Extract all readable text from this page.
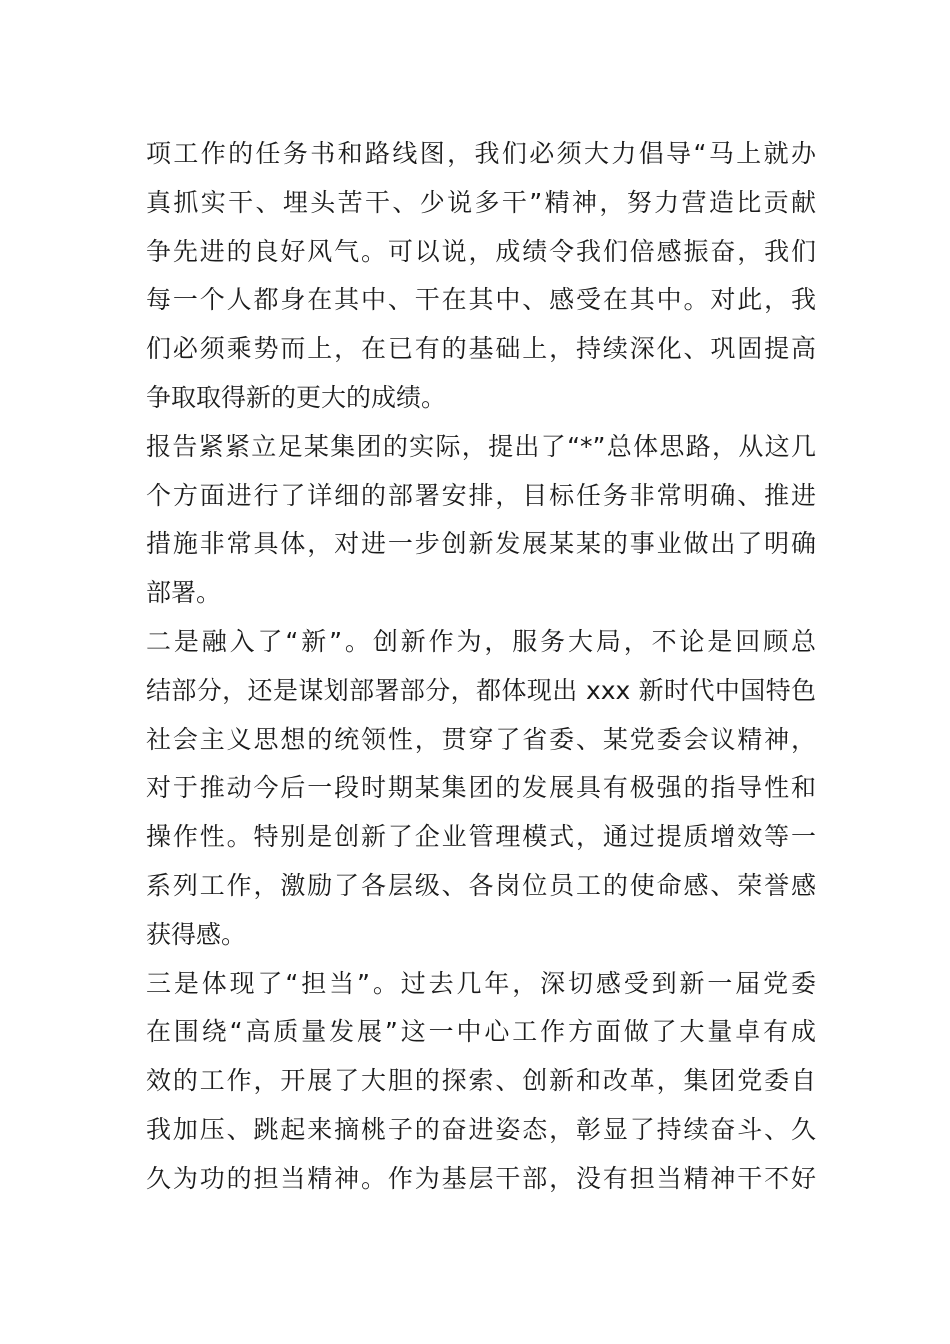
项工作的任务书和路线图，我们必须大力倡导“马上就办
真抓实干、埋头苦干、少说多干”精神，努力营造比贡献
争先进的良好风气。可以说，成绩令我们倍感振奋，我们
每一个人都身在其中、干在其中、感受在其中。对此，我
们必须乘势而上，在已有的基础上，持续深化、巩固提高
争取取得新的更大的成绩。
报告紧紧立足某集团的实际，提出了“*”总体思路，从这几
个方面进行了详细的部署安排，目标任务非常明确、推进
措施非常具体，对进一步创新发展某某的事业做出了明确
部署。
二是融入了“新”。创新作为，服务大局，不论是回顾总
结部分，还是谋划部署部分，都体现出 xxx 新时代中国特色
社会主义思想的统领性，贯穿了省委、某党委会议精神，
对于推动今后一段时期某集团的发展具有极强的指导性和
操作性。特别是创新了企业管理模式，通过提质增效等一
系列工作，激励了各层级、各岗位员工的使命感、荣誉感
获得感。
三是体现了“担当”。过去几年，深切感受到新一届党委
在围绕“高质量发展”这一中心工作方面做了大量卓有成
效的工作，开展了大胆的探索、创新和改革，集团党委自
我加压、跳起来摘桃子的奋进姿态，彰显了持续奋斗、久
久为功的担当精神。作为基层干部，没有担当精神干不好
